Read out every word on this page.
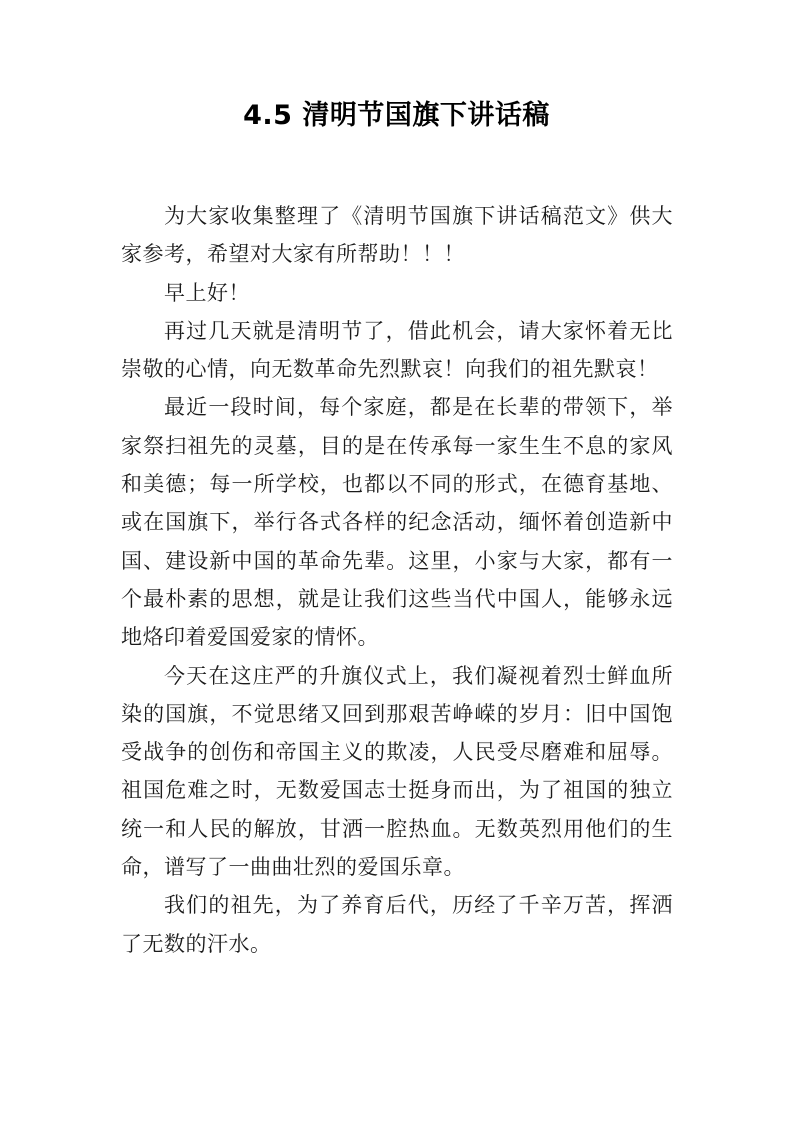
4.5 清明节国旗下讲话稿

为大家收集整理了《清明节国旗下讲话稿范文》供大家参考，希望对大家有所帮助！！！

早上好！

再过几天就是清明节了，借此机会，请大家怀着无比崇敬的心情，向无数革命先烈默哀！向我们的祖先默哀！

最近一段时间，每个家庭，都是在长辈的带领下，举家祭扫祖先的灵墓，目的是在传承每一家生生不息的家风和美德；每一所学校，也都以不同的形式，在德育基地、或在国旗下，举行各式各样的纪念活动，缅怀着创造新中国、建设新中国的革命先辈。这里，小家与大家，都有一个最朴素的思想，就是让我们这些当代中国人，能够永远地烙印着爱国爱家的情怀。

今天在这庄严的升旗仪式上，我们凝视着烈士鲜血所染的国旗，不觉思绪又回到那艰苦峥嵘的岁月：旧中国饱受战争的创伤和帝国主义的欺凌，人民受尽磨难和屈辱。祖国危难之时，无数爱国志士挺身而出，为了祖国的独立统一和人民的解放，甘洒一腔热血。无数英烈用他们的生命，谱写了一曲曲壮烈的爱国乐章。

我们的祖先，为了养育后代，历经了千辛万苦，挥洒了无数的汗水。
